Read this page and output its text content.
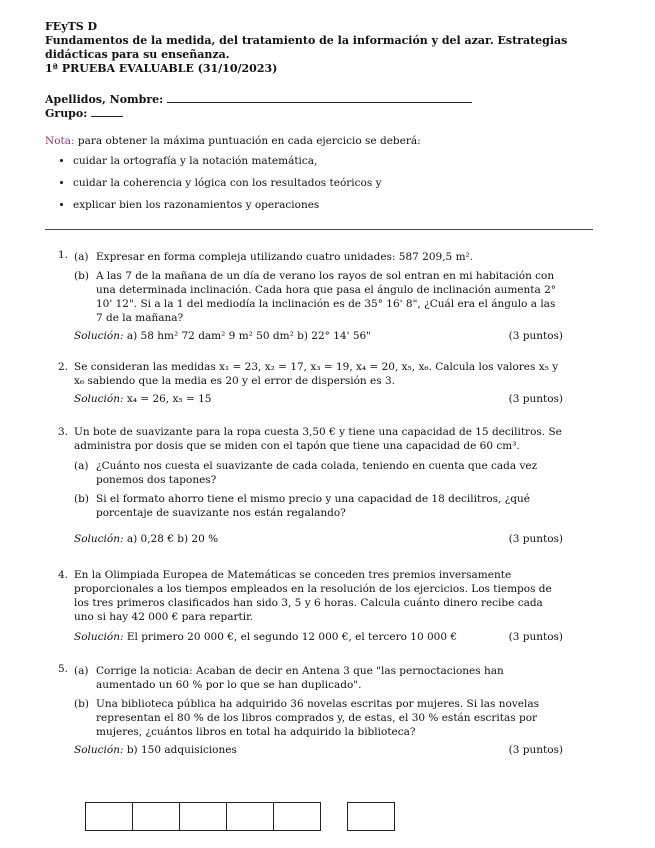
FEyTS D
Fundamentos de la medida, del tratamiento de la información y del azar. Estrategias didácticas para su enseñanza.
1ª PRUEBA EVALUABLE (31/10/2023)
Apellidos, Nombre:
Grupo:
Nota: para obtener la máxima puntuación en cada ejercicio se deberá:
• cuidar la ortografía y la notación matemática,
• cuidar la coherencia y lógica con los resultados teóricos y
• explicar bien los razonamientos y operaciones
1. (a) Expresar en forma compleja utilizando cuatro unidades: 587 209,5 m².
(b) A las 7 de la mañana de un día de verano los rayos de sol entran en mi habitación con una determinada inclinación. Cada hora que pasa el ángulo de inclinación aumenta 2° 10' 12". Si a la 1 del mediodía la inclinación es de 35° 16' 8", ¿Cuál era el ángulo a las 7 de la mañana?
Solución: a) 58 hm² 72 dam² 9 m² 50 dm² b) 22° 14' 56"	(3 puntos)
2. Se consideran las medidas x₁ = 23, x₂ = 17, x₃ = 19, x₄ = 20, x₅, x₆. Calcula los valores x₅ y x₆ sabiendo que la media es 20 y el error de dispersión es 3.
Solución: x₄ = 26, x₅ = 15	(3 puntos)
3. Un bote de suavizante para la ropa cuesta 3,50 € y tiene una capacidad de 15 decilitros. Se administra por dosis que se miden con el tapón que tiene una capacidad de 60 cm³.
(a) ¿Cuánto nos cuesta el suavizante de cada colada, teniendo en cuenta que cada vez ponemos dos tapones?
(b) Si el formato ahorro tiene el mismo precio y una capacidad de 18 decilitros, ¿qué porcentaje de suavizante nos están regalando?
Solución: a) 0,28 € b) 20 %	(3 puntos)
4. En la Olimpiada Europea de Matemáticas se conceden tres premios inversamente proporcionales a los tiempos empleados en la resolución de los ejercicios. Los tiempos de los tres primeros clasificados han sido 3, 5 y 6 horas. Calcula cuánto dinero recibe cada uno si hay 42 000 € para repartir.
Solución: El primero 20 000 €, el segundo 12 000 €, el tercero 10 000 €	(3 puntos)
5. (a) Corrige la noticia: Acaban de decir en Antena 3 que "las pernoctaciones han aumentado un 60 % por lo que se han duplicado".
(b) Una biblioteca pública ha adquirido 36 novelas escritas por mujeres. Si las novelas representan el 80 % de los libros comprados y, de estas, el 30 % están escritas por mujeres, ¿cuántos libros en total ha adquirido la biblioteca?
Solución: b) 150 adquisiciones	(3 puntos)
